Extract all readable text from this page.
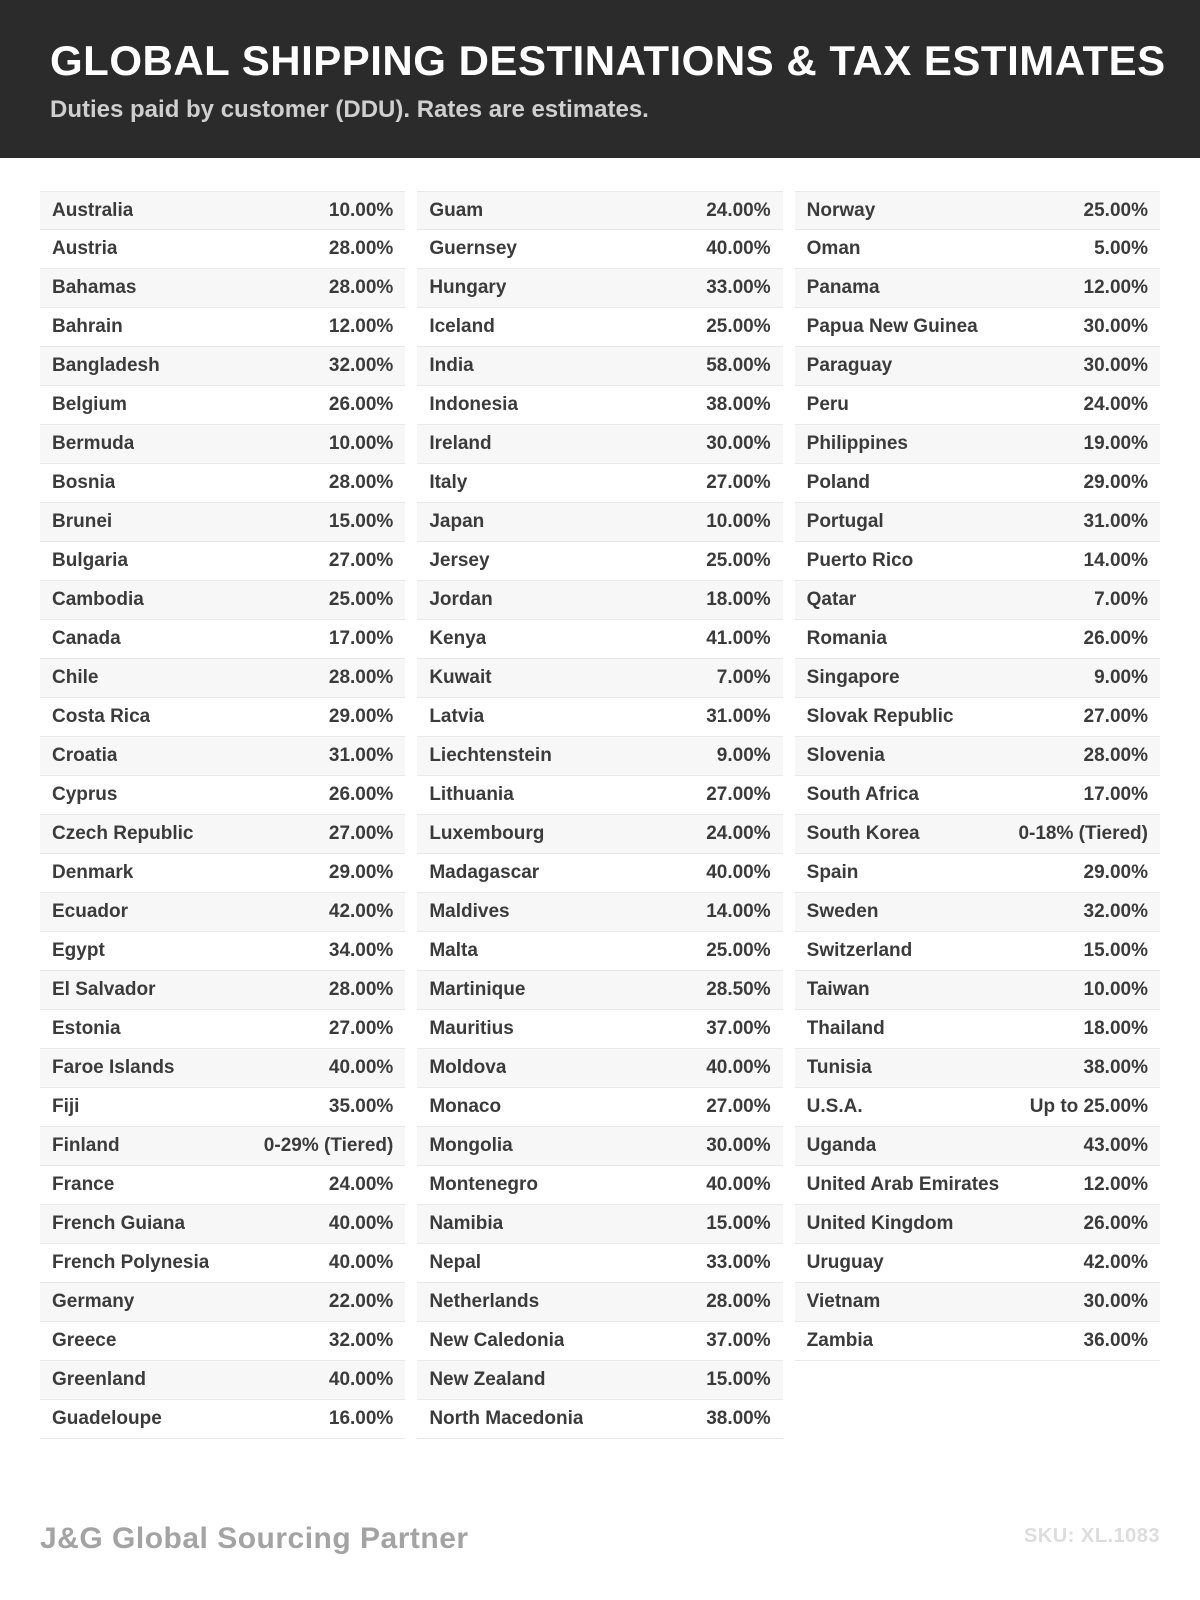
GLOBAL SHIPPING DESTINATIONS & TAX ESTIMATES
Duties paid by customer (DDU). Rates are estimates.
Australia	10.00%
Austria	28.00%
Bahamas	28.00%
Bahrain	12.00%
Bangladesh	32.00%
Belgium	26.00%
Bermuda	10.00%
Bosnia	28.00%
Brunei	15.00%
Bulgaria	27.00%
Cambodia	25.00%
Canada	17.00%
Chile	28.00%
Costa Rica	29.00%
Croatia	31.00%
Cyprus	26.00%
Czech Republic	27.00%
Denmark	29.00%
Ecuador	42.00%
Egypt	34.00%
El Salvador	28.00%
Estonia	27.00%
Faroe Islands	40.00%
Fiji	35.00%
Finland	0-29% (Tiered)
France	24.00%
French Guiana	40.00%
French Polynesia	40.00%
Germany	22.00%
Greece	32.00%
Greenland	40.00%
Guadeloupe	16.00%
Guam	24.00%
Guernsey	40.00%
Hungary	33.00%
Iceland	25.00%
India	58.00%
Indonesia	38.00%
Ireland	30.00%
Italy	27.00%
Japan	10.00%
Jersey	25.00%
Jordan	18.00%
Kenya	41.00%
Kuwait	7.00%
Latvia	31.00%
Liechtenstein	9.00%
Lithuania	27.00%
Luxembourg	24.00%
Madagascar	40.00%
Maldives	14.00%
Malta	25.00%
Martinique	28.50%
Mauritius	37.00%
Moldova	40.00%
Monaco	27.00%
Mongolia	30.00%
Montenegro	40.00%
Namibia	15.00%
Nepal	33.00%
Netherlands	28.00%
New Caledonia	37.00%
New Zealand	15.00%
North Macedonia	38.00%
Norway	25.00%
Oman	5.00%
Panama	12.00%
Papua New Guinea	30.00%
Paraguay	30.00%
Peru	24.00%
Philippines	19.00%
Poland	29.00%
Portugal	31.00%
Puerto Rico	14.00%
Qatar	7.00%
Romania	26.00%
Singapore	9.00%
Slovak Republic	27.00%
Slovenia	28.00%
South Africa	17.00%
South Korea	0-18% (Tiered)
Spain	29.00%
Sweden	32.00%
Switzerland	15.00%
Taiwan	10.00%
Thailand	18.00%
Tunisia	38.00%
U.S.A.	Up to 25.00%
Uganda	43.00%
United Arab Emirates	12.00%
United Kingdom	26.00%
Uruguay	42.00%
Vietnam	30.00%
Zambia	36.00%
J&G Global Sourcing Partner	SKU: XL.1083
